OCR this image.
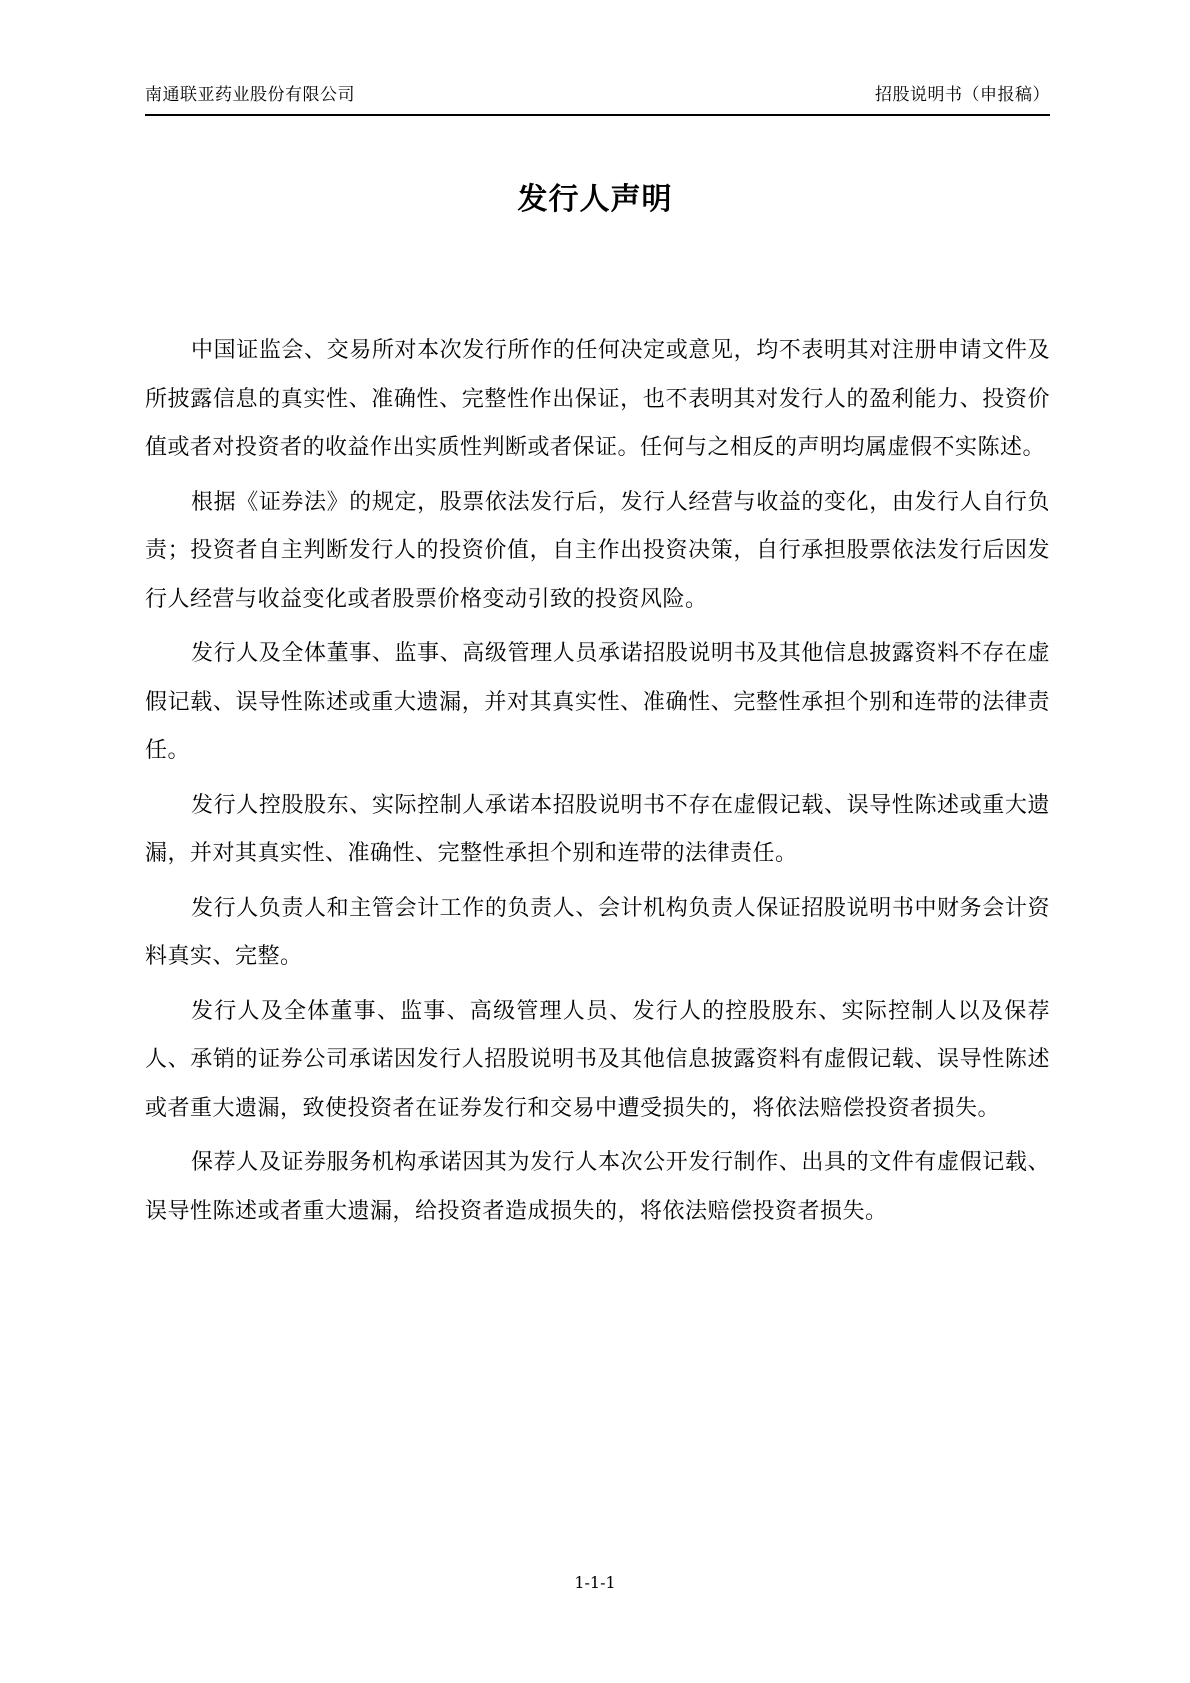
南通联亚药业股份有限公司	招股说明书（申报稿）
发行人声明

中国证监会、交易所对本次发行所作的任何决定或意见，均不表明其对注册申请文件及所披露信息的真实性、准确性、完整性作出保证，也不表明其对发行人的盈利能力、投资价值或者对投资者的收益作出实质性判断或者保证。任何与之相反的声明均属虚假不实陈述。

根据《证券法》的规定，股票依法发行后，发行人经营与收益的变化，由发行人自行负责；投资者自主判断发行人的投资价值，自主作出投资决策，自行承担股票依法发行后因发行人经营与收益变化或者股票价格变动引致的投资风险。

发行人及全体董事、监事、高级管理人员承诺招股说明书及其他信息披露资料不存在虚假记载、误导性陈述或重大遗漏，并对其真实性、准确性、完整性承担个别和连带的法律责任。

发行人控股股东、实际控制人承诺本招股说明书不存在虚假记载、误导性陈述或重大遗漏，并对其真实性、准确性、完整性承担个别和连带的法律责任。

发行人负责人和主管会计工作的负责人、会计机构负责人保证招股说明书中财务会计资料真实、完整。

发行人及全体董事、监事、高级管理人员、发行人的控股股东、实际控制人以及保荐人、承销的证券公司承诺因发行人招股说明书及其他信息披露资料有虚假记载、误导性陈述或者重大遗漏，致使投资者在证券发行和交易中遭受损失的，将依法赔偿投资者损失。

保荐人及证券服务机构承诺因其为发行人本次公开发行制作、出具的文件有虚假记载、误导性陈述或者重大遗漏，给投资者造成损失的，将依法赔偿投资者损失。

1-1-1
